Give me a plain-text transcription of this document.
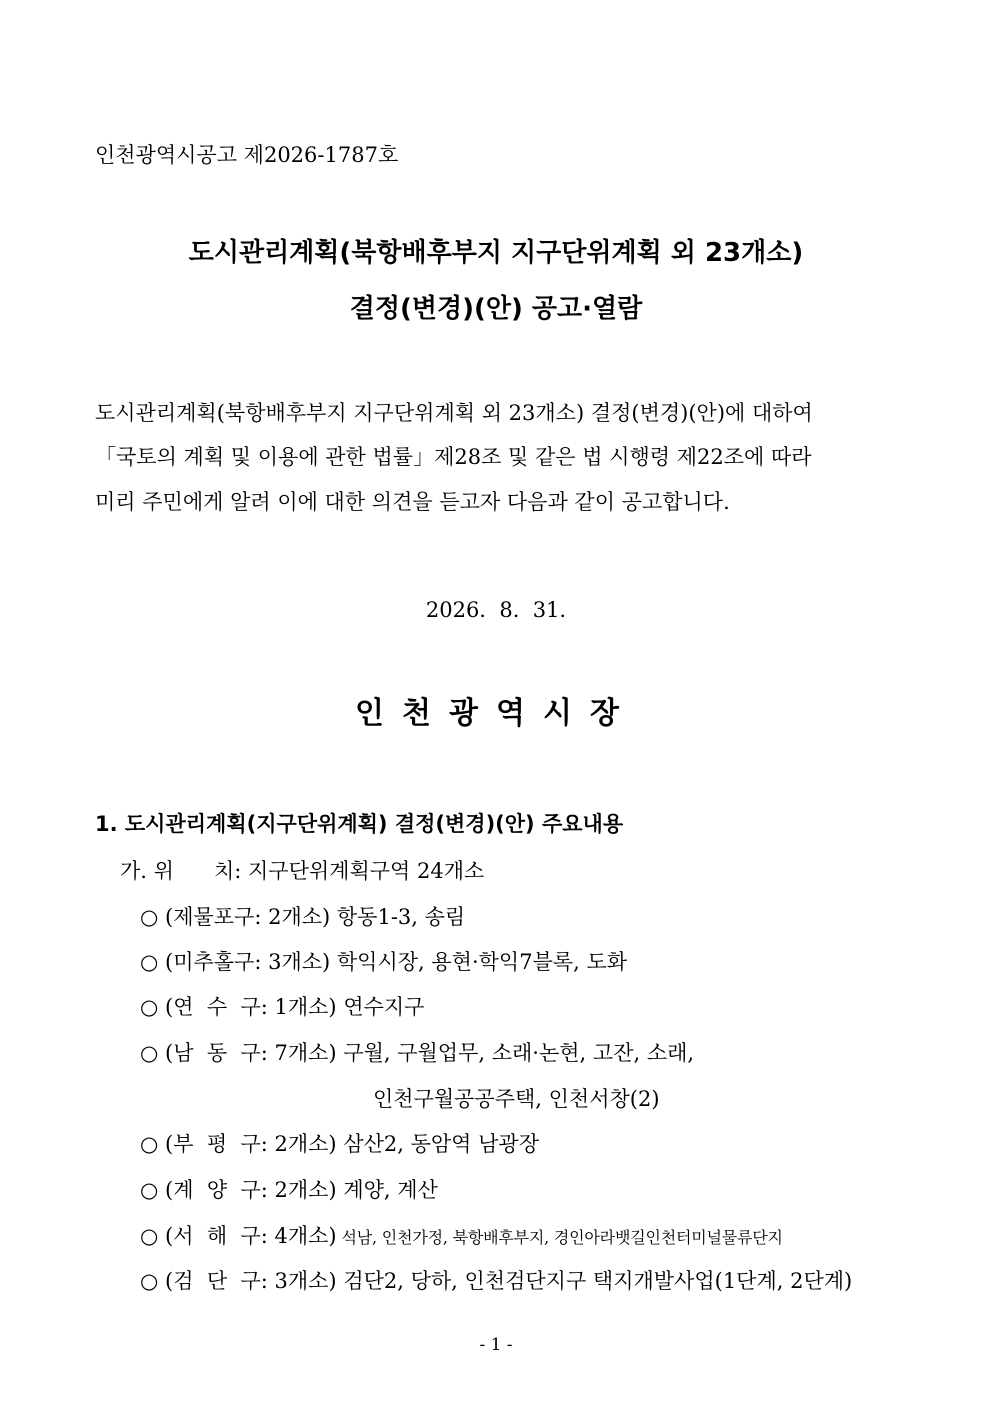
인천광역시공고 제2026-1787호
도시관리계획(북항배후부지 지구단위계획 외 23개소)
결정(변경)(안) 공고·열람
도시관리계획(북항배후부지 지구단위계획 외 23개소) 결정(변경)(안)에 대하여
「국토의 계획 및 이용에 관한 법률」제28조 및 같은 법 시행령 제22조에 따라
미리 주민에게 알려 이에 대한 의견을 듣고자 다음과 같이 공고합니다.
2026.  8.  31.
인천광역시장
1. 도시관리계획(지구단위계획) 결정(변경)(안) 주요내용
가. 위      치: 지구단위계획구역 24개소
○ (제물포구: 2개소) 항동1-3, 송림
○ (미추홀구: 3개소) 학익시장, 용현·학익7블록, 도화
○ (연  수  구: 1개소) 연수지구
○ (남  동  구: 7개소) 구월, 구월업무, 소래·논현, 고잔, 소래,
인천구월공공주택, 인천서창(2)
○ (부  평  구: 2개소) 삼산2, 동암역 남광장
○ (계  양  구: 2개소) 계양, 계산
○ (서  해  구: 4개소) 석남, 인천가정, 북항배후부지, 경인아라뱃길인천터미널물류단지
○ (검  단  구: 3개소) 검단2, 당하, 인천검단지구 택지개발사업(1단계, 2단계)
- 1 -
